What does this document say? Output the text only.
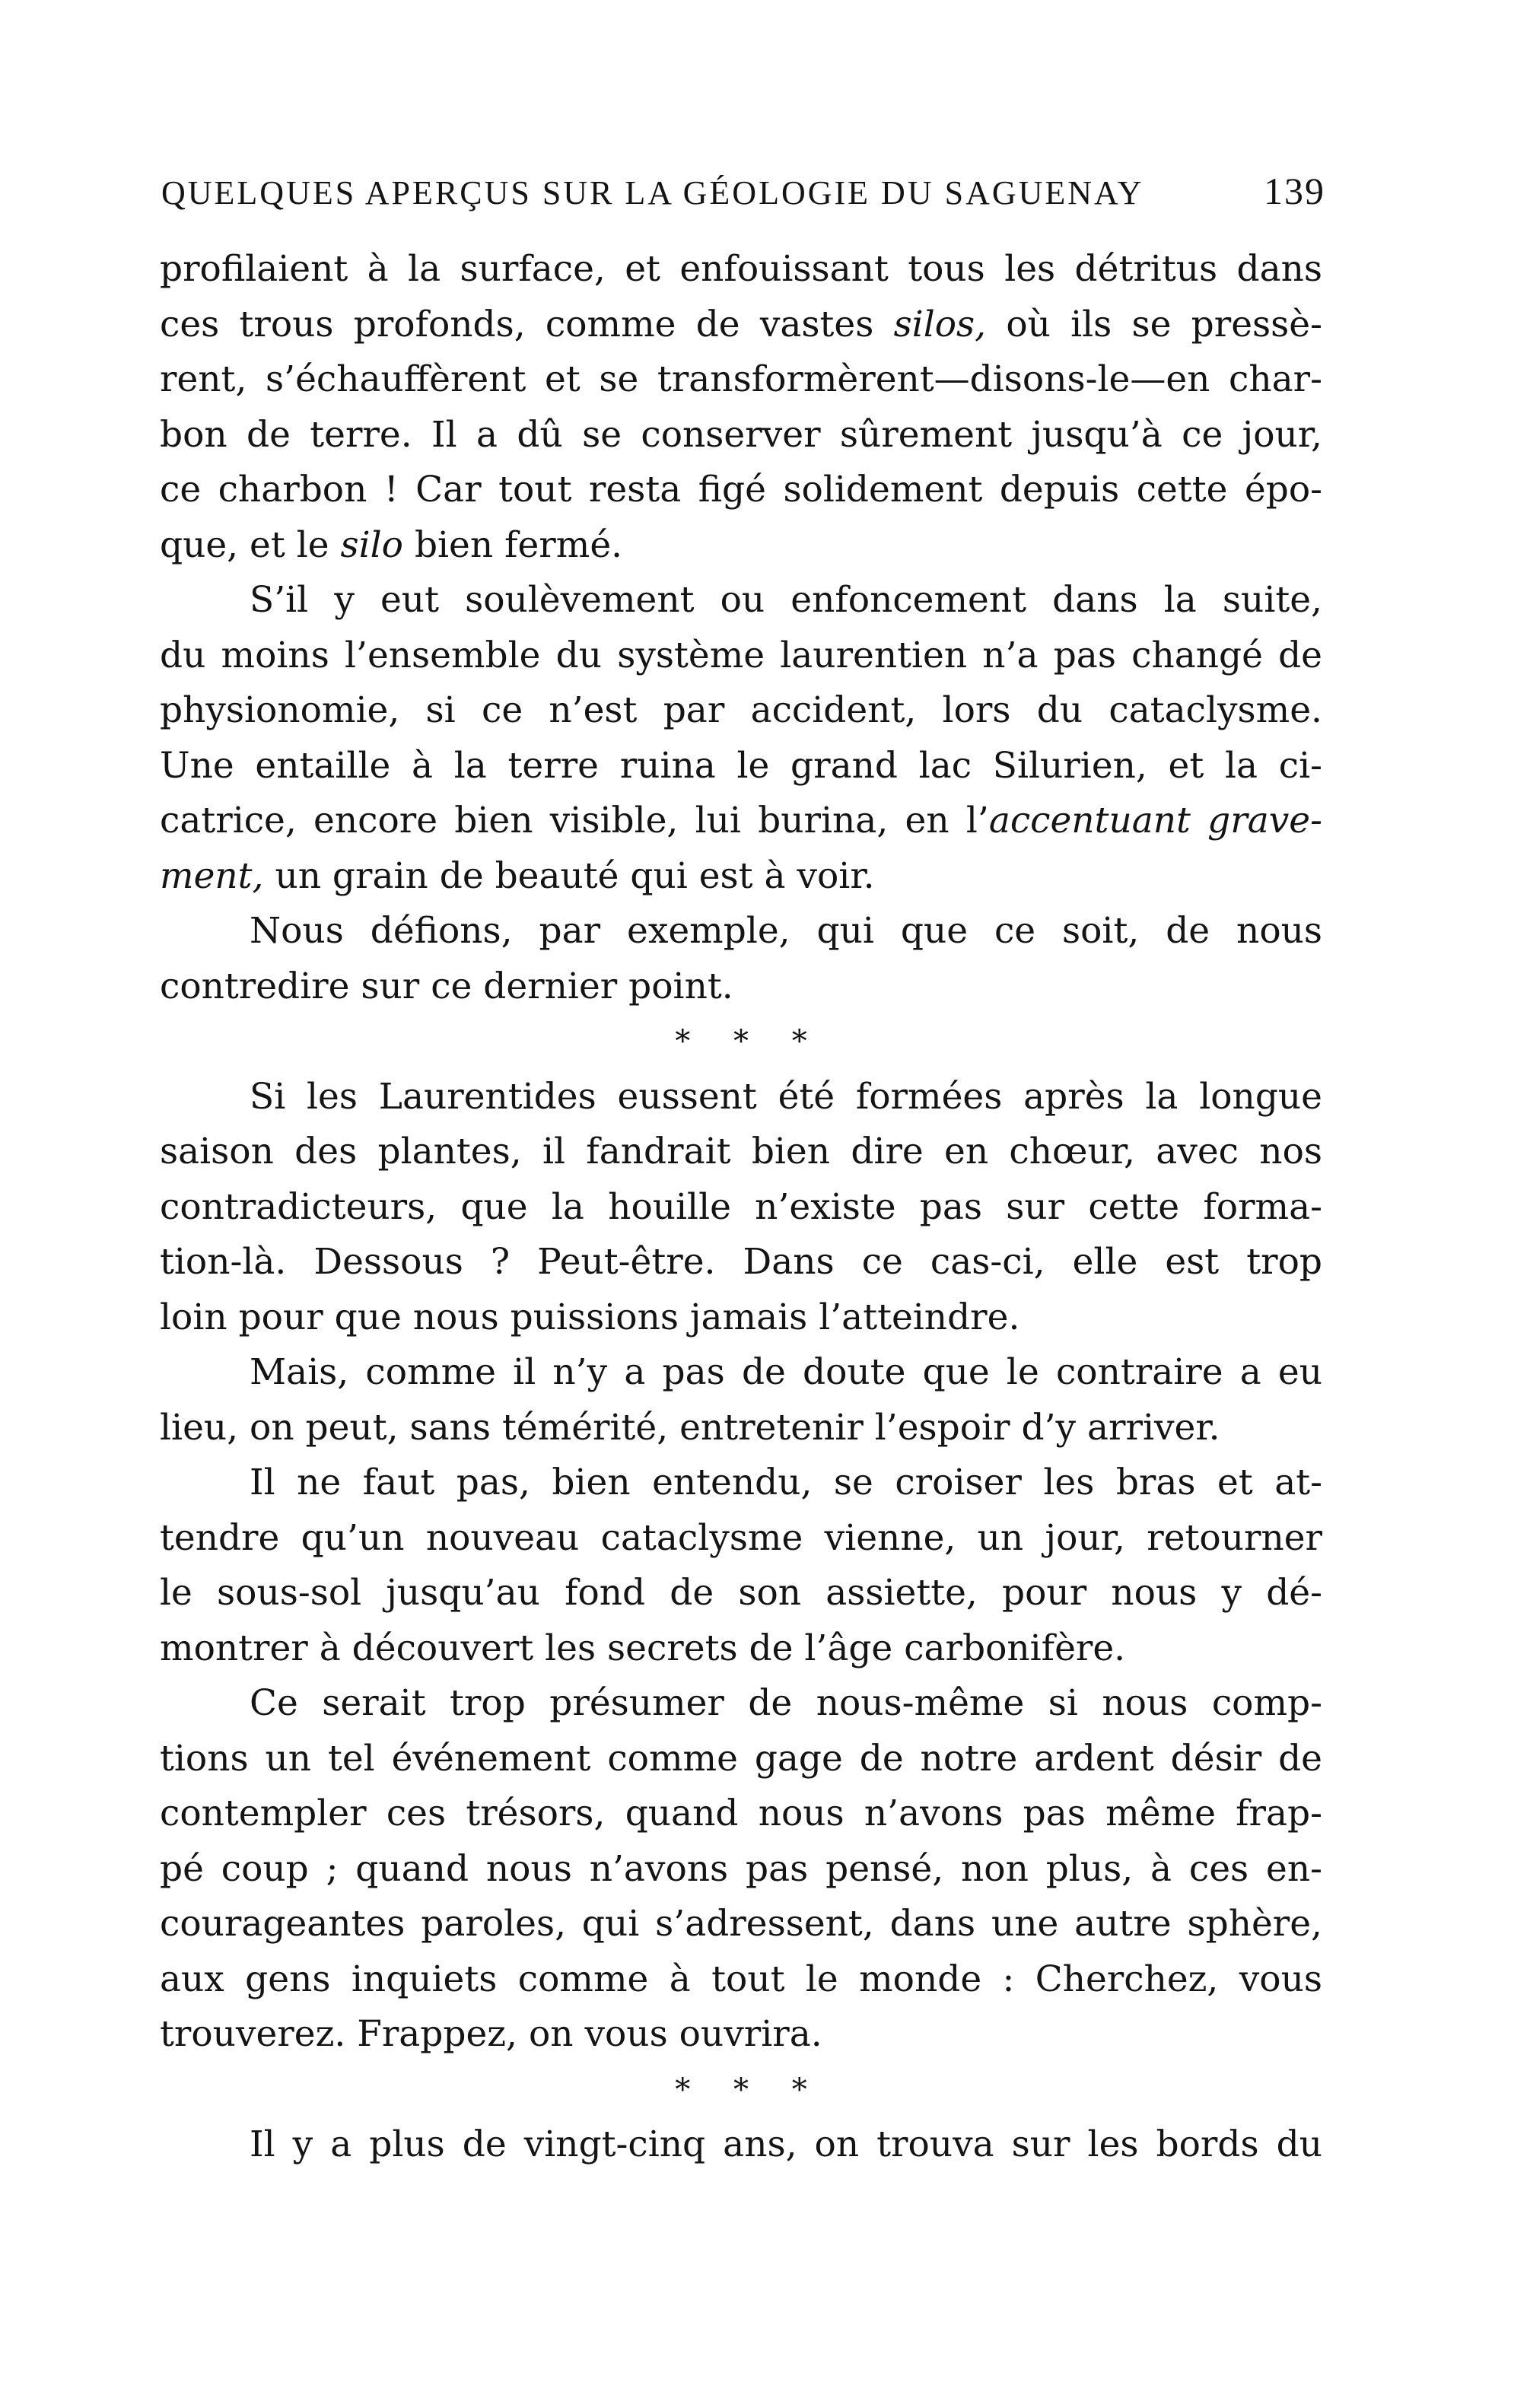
QUELQUES APERÇUS SUR LA GÉOLOGIE DU SAGUENAY	139
profilaient à la surface, et enfouissant tous les détritus dans
ces trous profonds, comme de vastes silos, où ils se pressè-
rent, s’échauffèrent et se transformèrent—disons-le—en char-
bon de terre. Il a dû se conserver sûrement jusqu’à ce jour,
ce charbon ! Car tout resta figé solidement depuis cette épo-
que, et le silo bien fermé.
S’il y eut soulèvement ou enfoncement dans la suite,
du moins l’ensemble du système laurentien n’a pas changé de
physionomie, si ce n’est par accident, lors du cataclysme.
Une entaille à la terre ruina le grand lac Silurien, et la ci-
catrice, encore bien visible, lui burina, en l’accentuant grave-
ment, un grain de beauté qui est à voir.
Nous défions, par exemple, qui que ce soit, de nous
contredire sur ce dernier point.
* * *
Si les Laurentides eussent été formées après la longue
saison des plantes, il fandrait bien dire en chœur, avec nos
contradicteurs, que la houille n’existe pas sur cette forma-
tion-là. Dessous ? Peut-être. Dans ce cas-ci, elle est trop
loin pour que nous puissions jamais l’atteindre.
Mais, comme il n’y a pas de doute que le contraire a eu
lieu, on peut, sans témérité, entretenir l’espoir d’y arriver.
Il ne faut pas, bien entendu, se croiser les bras et at-
tendre qu’un nouveau cataclysme vienne, un jour, retourner
le sous-sol jusqu’au fond de son assiette, pour nous y dé-
montrer à découvert les secrets de l’âge carbonifère.
Ce serait trop présumer de nous-même si nous comp-
tions un tel événement comme gage de notre ardent désir de
contempler ces trésors, quand nous n’avons pas même frap-
pé coup ; quand nous n’avons pas pensé, non plus, à ces en-
courageantes paroles, qui s’adressent, dans une autre sphère,
aux gens inquiets comme à tout le monde : Cherchez, vous
trouverez. Frappez, on vous ouvrira.
* * *
Il y a plus de vingt-cinq ans, on trouva sur les bords du
